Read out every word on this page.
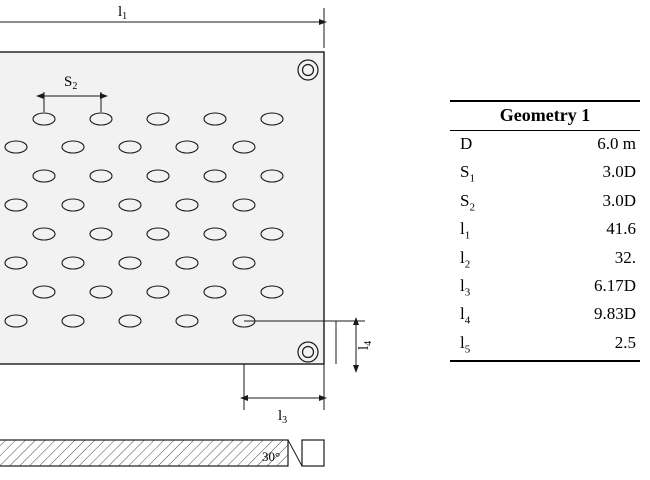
$l_1$
$S_2$
$l_4$
$l_3$
30°
Geometry 1
D	6.0 m
$S_1$	3.0D
$S_2$	3.0D
$l_1$	41.6
$l_2$	32.
$l_3$	6.17D
$l_4$	9.83D
$l_5$	2.5
